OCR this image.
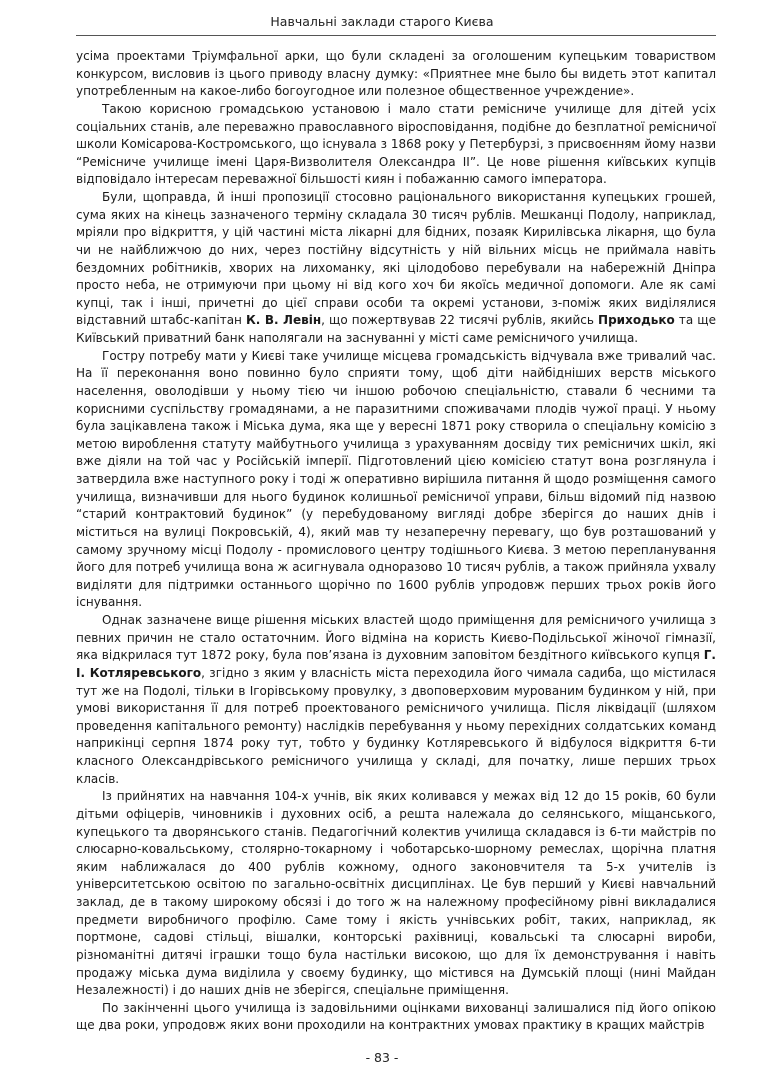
Навчальні заклади старого Києва

усіма проектами Тріумфальної арки, що були складені за оголошеним купецьким товариством конкурсом, висловив із цього приводу власну думку: «Приятнее мне было бы видеть этот капитал употребленным на какое-либо богоугодное или полезное общественное учреждение».

Такою корисною громадською установою і мало стати ремісниче училище для дітей усіх соціальних станів, але переважно православного віросповідання, подібне до безплатної ремісничої школи Комісарова-Костромського, що існувала з 1868 року у Петербурзі, з присвоєнням йому назви “Ремісниче училище імені Царя-Визволителя Олександра II”. Це нове рішення київських купців відповідало інтересам переважної більшості киян і побажанню самого імператора.

Були, щоправда, й інші пропозиції стосовно раціонального використання купецьких грошей, сума яких на кінець зазначеного терміну складала 30 тисяч рублів. Мешканці Подолу, наприклад, мріяли про відкриття, у цій частині міста лікарні для бідних, позаяк Кирилівська лікарня, що була чи не найближчою до них, через постійну відсутність у ній вільних місць не приймала навіть бездомних робітників, хворих на лихоманку, які цілодобово перебували на набережній Дніпра просто неба, не отримуючи при цьому ні від кого хоч би якоїсь медичної допомоги. Але як самі купці, так і інші, причетні до цієї справи особи та окремі установи, з-поміж яких виділялися відставний штабс-капітан К. В. Левін, що пожертвував 22 тисячі рублів, якийсь Приходько та ще Київський приватний банк наполягали на заснуванні у місті саме ремісничого училища.

Гостру потребу мати у Києві таке училище місцева громадськість відчувала вже тривалий час. На її переконання воно повинно було сприяти тому, щоб діти найбідніших верств міського населення, оволодівши у ньому тією чи іншою робочою спеціальністю, ставали б чесними та корисними суспільству громадянами, а не паразитними споживачами плодів чужої праці. У ньому була зацікавлена також і Міська дума, яка ще у вересні 1871 року створила о спеціальну комісію з метою вироблення статуту майбутнього училища з урахуванням досвіду тих ремісничих шкіл, які вже діяли на той час у Російській імперії. Підготовлений цією комісією статут вона розглянула і затвердила вже наступного року і тоді ж оперативно вирішила питання й щодо розміщення самого училища, визначивши для нього будинок колишньої ремісничої управи, більш відомий під назвою “старий контрактовий будинок” (у перебудованому вигляді добре зберігся до наших днів і міститься на вулиці Покровській, 4), який мав ту незаперечну перевагу, що був розташований у самому зручному місці Подолу - промислового центру тодішнього Києва. З метою перепланування його для потреб училища вона ж асигнувала одноразово 10 тисяч рублів, а також прийняла ухвалу виділяти для підтримки останнього щорічно по 1600 рублів упродовж перших трьох років його існування.

Однак зазначене вище рішення міських властей щодо приміщення для ремісничого училища з певних причин не стало остаточним. Його відміна на користь Києво-Подільської жіночої гімназії, яка відкрилася тут 1872 року, була пов’язана із духовним заповітом бездітного київського купця Г. І. Котляревського, згідно з яким у власність міста переходила його чимала садиба, що містилася тут же на Подолі, тільки в Ігорівському провулку, з двоповерховим мурованим будинком у ній, при умові використання її для потреб проектованого ремісничого училища. Після ліквідації (шляхом проведення капітального ремонту) наслідків перебування у ньому перехідних солдатських команд наприкінці серпня 1874 року тут, тобто у будинку Котляревського й відбулося відкриття 6-ти класного Олександрівського ремісничого училища у складі, для початку, лише перших трьох класів.

Із прийнятих на навчання 104-х учнів, вік яких коливався у межах від 12 до 15 років, 60 були дітьми офіцерів, чиновників і духовних осіб, а решта належала до селянського, міщанського, купецького та дворянського станів. Педагогічний колектив училища складався із 6-ти майстрів по слюсарно-ковальському, столярно-токарному і чоботарсько-шорному ремеслах, щорічна платня яким наближалася до 400 рублів кожному, одного законовчителя та 5-х учителів із університетською освітою по загально-освітніх дисциплінах. Це був перший у Києві навчальний заклад, де в такому широкому обсязі і до того ж на належному професійному рівні викладалися предмети виробничого профілю. Саме тому і якість учнівських робіт, таких, наприклад, як портмоне, садові стільці, вішалки, конторські рахівниці, ковальські та слюсарні вироби, різноманітні дитячі іграшки тощо була настільки високою, що для їх демонстрування і навіть продажу міська дума виділила у своєму будинку, що містився на Думській площі (нині Майдан Незалежності) і до наших днів не зберігся, спеціальне приміщення.

По закінченні цього училища із задовільними оцінками вихованці залишалися під його опікою ще два роки, упродовж яких вони проходили на контрактних умовах практику в кращих майстрів

- 83 -
